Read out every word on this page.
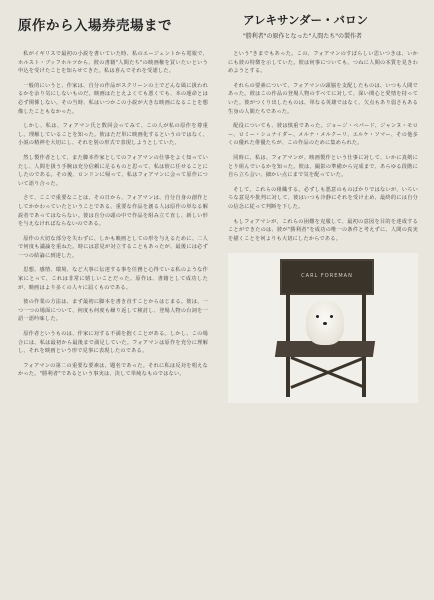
原作から入場券売場まで	アレキサンダー・バロン
"勝利者"の原作となった"人間たち"の製作者

私がイギリスで最初の小説を書いていた時、私のエージェントから電報で、ホルスト・ブッフホルツから、彼の書籍"人間たち"の映画権を買いたいという申込を受けたことを知らせてきた。私は喜んでそれを受諾した。

一般的にいうと、作家は、自分の作品がスクリーンの上でどんな風に扱われるかを余り気にしないものだ。映画はたとえよくても悪くても、本の運命とは必ず関係しない。その当時、私はいつかこの小説が大きな映画になることを想像したこともなかった。

しかし、私は、フォアマン氏と数回会ってみて、この人が私の原作を尊重し、理解していることを知った。彼はただ単に映画化するというのではなく、小説の精神を大切にし、それを別の形式で表現しようとしていた。

然し製作者として、また脚本作家としてのフォアマンの仕事をよく知っていたし、人間を扱う手腕は充分信頼に足るものと思って、私は彼に任せることにしたのである。その後、ロンドンに帰って、私はフォアマンに会って原作について語り合った。

さて、ここで重要なことは、その日から、フォアマンは、自分自身の創作としてかかわっていたということである。重要な作品を創る人は原作の単なる解説者であってはならない。彼は自分の頭の中で作品を組み立て直し、新しい形を与えなければならないのである。

原作の大切な部分を失わずに、しかも映画としての形を与えるために、二人で何度も議論を重ねた。時には意見が対立することもあったが、最後には必ず一つの結論に到達した。

思想、感情、環境、など大事に伝達する事を任務と心得ている私のような作家にとって、これは非常に嬉しいことだった。原作は、書籍として成功したが、映画はより多くの人々に届くものである。

彼の作業の方法は、まず最初に脚本を書き直すことからはじまる。彼は、一つ一つの場面について、何度も何度も繰り返して検討し、登場人物の台詞を一語一語吟味した。

原作者というものは、作家に対する不満を抱くことがある。しかし、この場合には、私は最初から最後まで満足していた。フォアマンは原作を充分に理解し、それを映画という形で見事に表現したのである。

フォアマンの第二の重要な要素は、題名であった。それに私は反対を唱えなかった。"勝利者"であるという事実は、決して単純なものではない。

という"きまでもあった。この、フォアマンのすばらしい思いつきは、いかにも彼の特徴を示していた。彼は何事についても、つねに人間の本質を見きわめようとする。

それらの要素について、フォアマンの頭脳を支配したものは、いつも人間であった。彼はこの作品の登場人物のすべてに対して、深い関心と愛情を持っていた。彼がつくり出したものは、単なる英雄ではなく、欠点もあり弱さもある生身の人間たちであった。

配役についても、彼は慎重であった。ジョージ・ペパード、ジャンヌ・モロー、ロミー・シュナイダー、メルナ・メルクーリ、エルケ・ソマー、その他多くの優れた俳優たちが、この作品のために集められた。

同時に、私は、フォアマンが、映画製作という仕事に対して、いかに真剣にとり組んでいるかを知った。彼は、撮影の準備から完成まで、あらゆる段階に自ら立ち会い、細かい点にまで気を配っていた。

そして、これらの組織する。必ずしも悪意のものばかりではないが、いろいろな意見や批判に対して、彼はいつも冷静にそれを受け止め、最終的には自分の信念に従って判断を下した。

もしフォアマンが、これらの困難を克服して、最初の意図を目的を達成することができたのは、彼が"勝利者"を成功の唯一の条件と考えずに、人間の真実を描くことを何よりも大切にしたからである。

CARL FOREMAN
